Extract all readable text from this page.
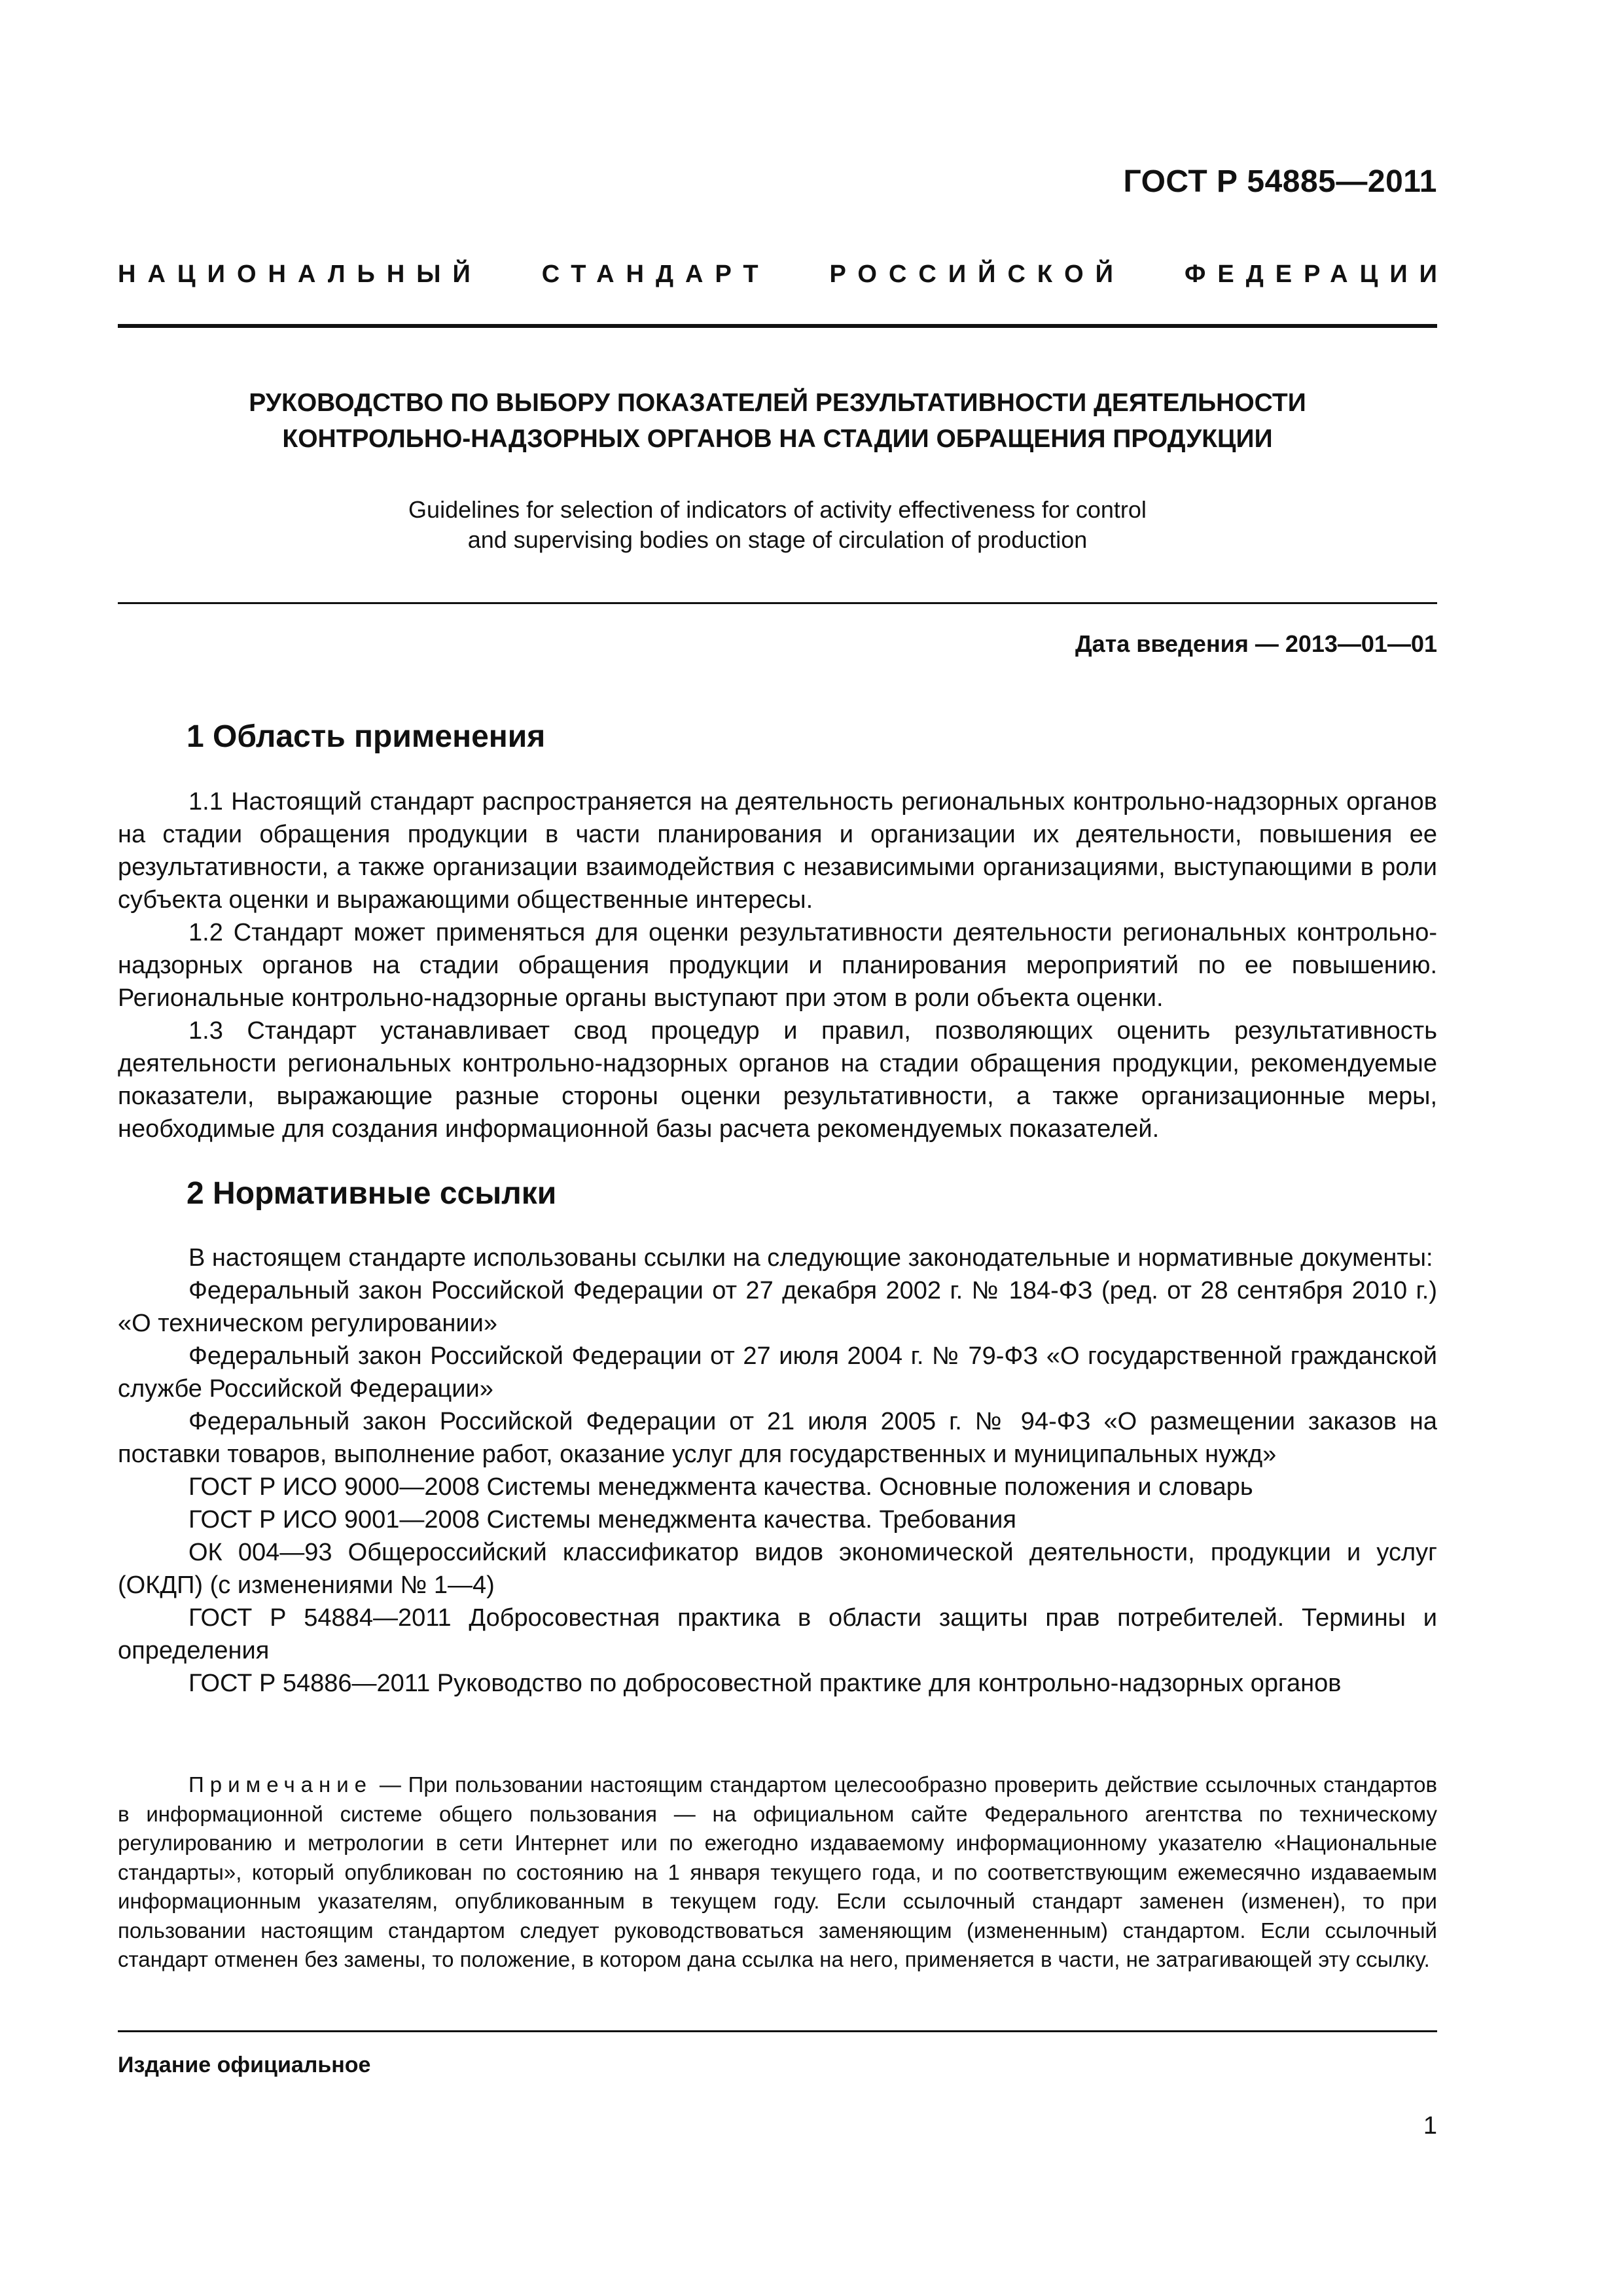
ГОСТ Р 54885—2011
НАЦИОНАЛЬНЫЙ СТАНДАРТ РОССИЙСКОЙ ФЕДЕРАЦИИ
РУКОВОДСТВО ПО ВЫБОРУ ПОКАЗАТЕЛЕЙ РЕЗУЛЬТАТИВНОСТИ ДЕЯТЕЛЬНОСТИ
КОНТРОЛЬНО-НАДЗОРНЫХ ОРГАНОВ НА СТАДИИ ОБРАЩЕНИЯ ПРОДУКЦИИ
Guidelines for selection of indicators of activity effectiveness for control
and supervising bodies on stage of circulation of production
Дата введения — 2013—01—01
1 Область применения

1.1 Настоящий стандарт распространяется на деятельность региональных контрольно-надзорных органов на стадии обращения продукции в части планирования и организации их деятельности, повышения ее результативности, а также организации взаимодействия с независимыми организациями, выступающими в роли субъекта оценки и выражающими общественные интересы.

1.2 Стандарт может применяться для оценки результативности деятельности региональных контрольно-надзорных органов на стадии обращения продукции и планирования мероприятий по ее повышению. Региональные контрольно-надзорные органы выступают при этом в роли объекта оценки.

1.3 Стандарт устанавливает свод процедур и правил, позволяющих оценить результативность деятельности региональных контрольно-надзорных органов на стадии обращения продукции, рекомендуемые показатели, выражающие разные стороны оценки результативности, а также организационные меры, необходимые для создания информационной базы расчета рекомендуемых показателей.

2 Нормативные ссылки

В настоящем стандарте использованы ссылки на следующие законодательные и нормативные документы:

Федеральный закон Российской Федерации от 27 декабря 2002 г. № 184-ФЗ (ред. от 28 сентября 2010 г.) «О техническом регулировании»

Федеральный закон Российской Федерации от 27 июля 2004 г. № 79-ФЗ «О государственной гражданской службе Российской Федерации»

Федеральный закон Российской Федерации от 21 июля 2005 г. № 94-ФЗ «О размещении заказов на поставки товаров, выполнение работ, оказание услуг для государственных и муниципальных нужд»

ГОСТ Р ИСО 9000—2008 Системы менеджмента качества. Основные положения и словарь

ГОСТ Р ИСО 9001—2008 Системы менеджмента качества. Требования

ОК 004—93 Общероссийский классификатор видов экономической деятельности, продукции и услуг (ОКДП) (с изменениями № 1—4)

ГОСТ Р 54884—2011 Добросовестная практика в области защиты прав потребителей. Термины и определения

ГОСТ Р 54886—2011 Руководство по добросовестной практике для контрольно-надзорных органов

Примечание — При пользовании настоящим стандартом целесообразно проверить действие ссылочных стандартов в информационной системе общего пользования — на официальном сайте Федерального агентства по техническому регулированию и метрологии в сети Интернет или по ежегодно издаваемому информационному указателю «Национальные стандарты», который опубликован по состоянию на 1 января текущего года, и по соответствующим ежемесячно издаваемым информационным указателям, опубликованным в текущем году. Если ссылочный стандарт заменен (изменен), то при пользовании настоящим стандартом следует руководствоваться заменяющим (измененным) стандартом. Если ссылочный стандарт отменен без замены, то положение, в котором дана ссылка на него, применяется в части, не затрагивающей эту ссылку.

Издание официальное
1
